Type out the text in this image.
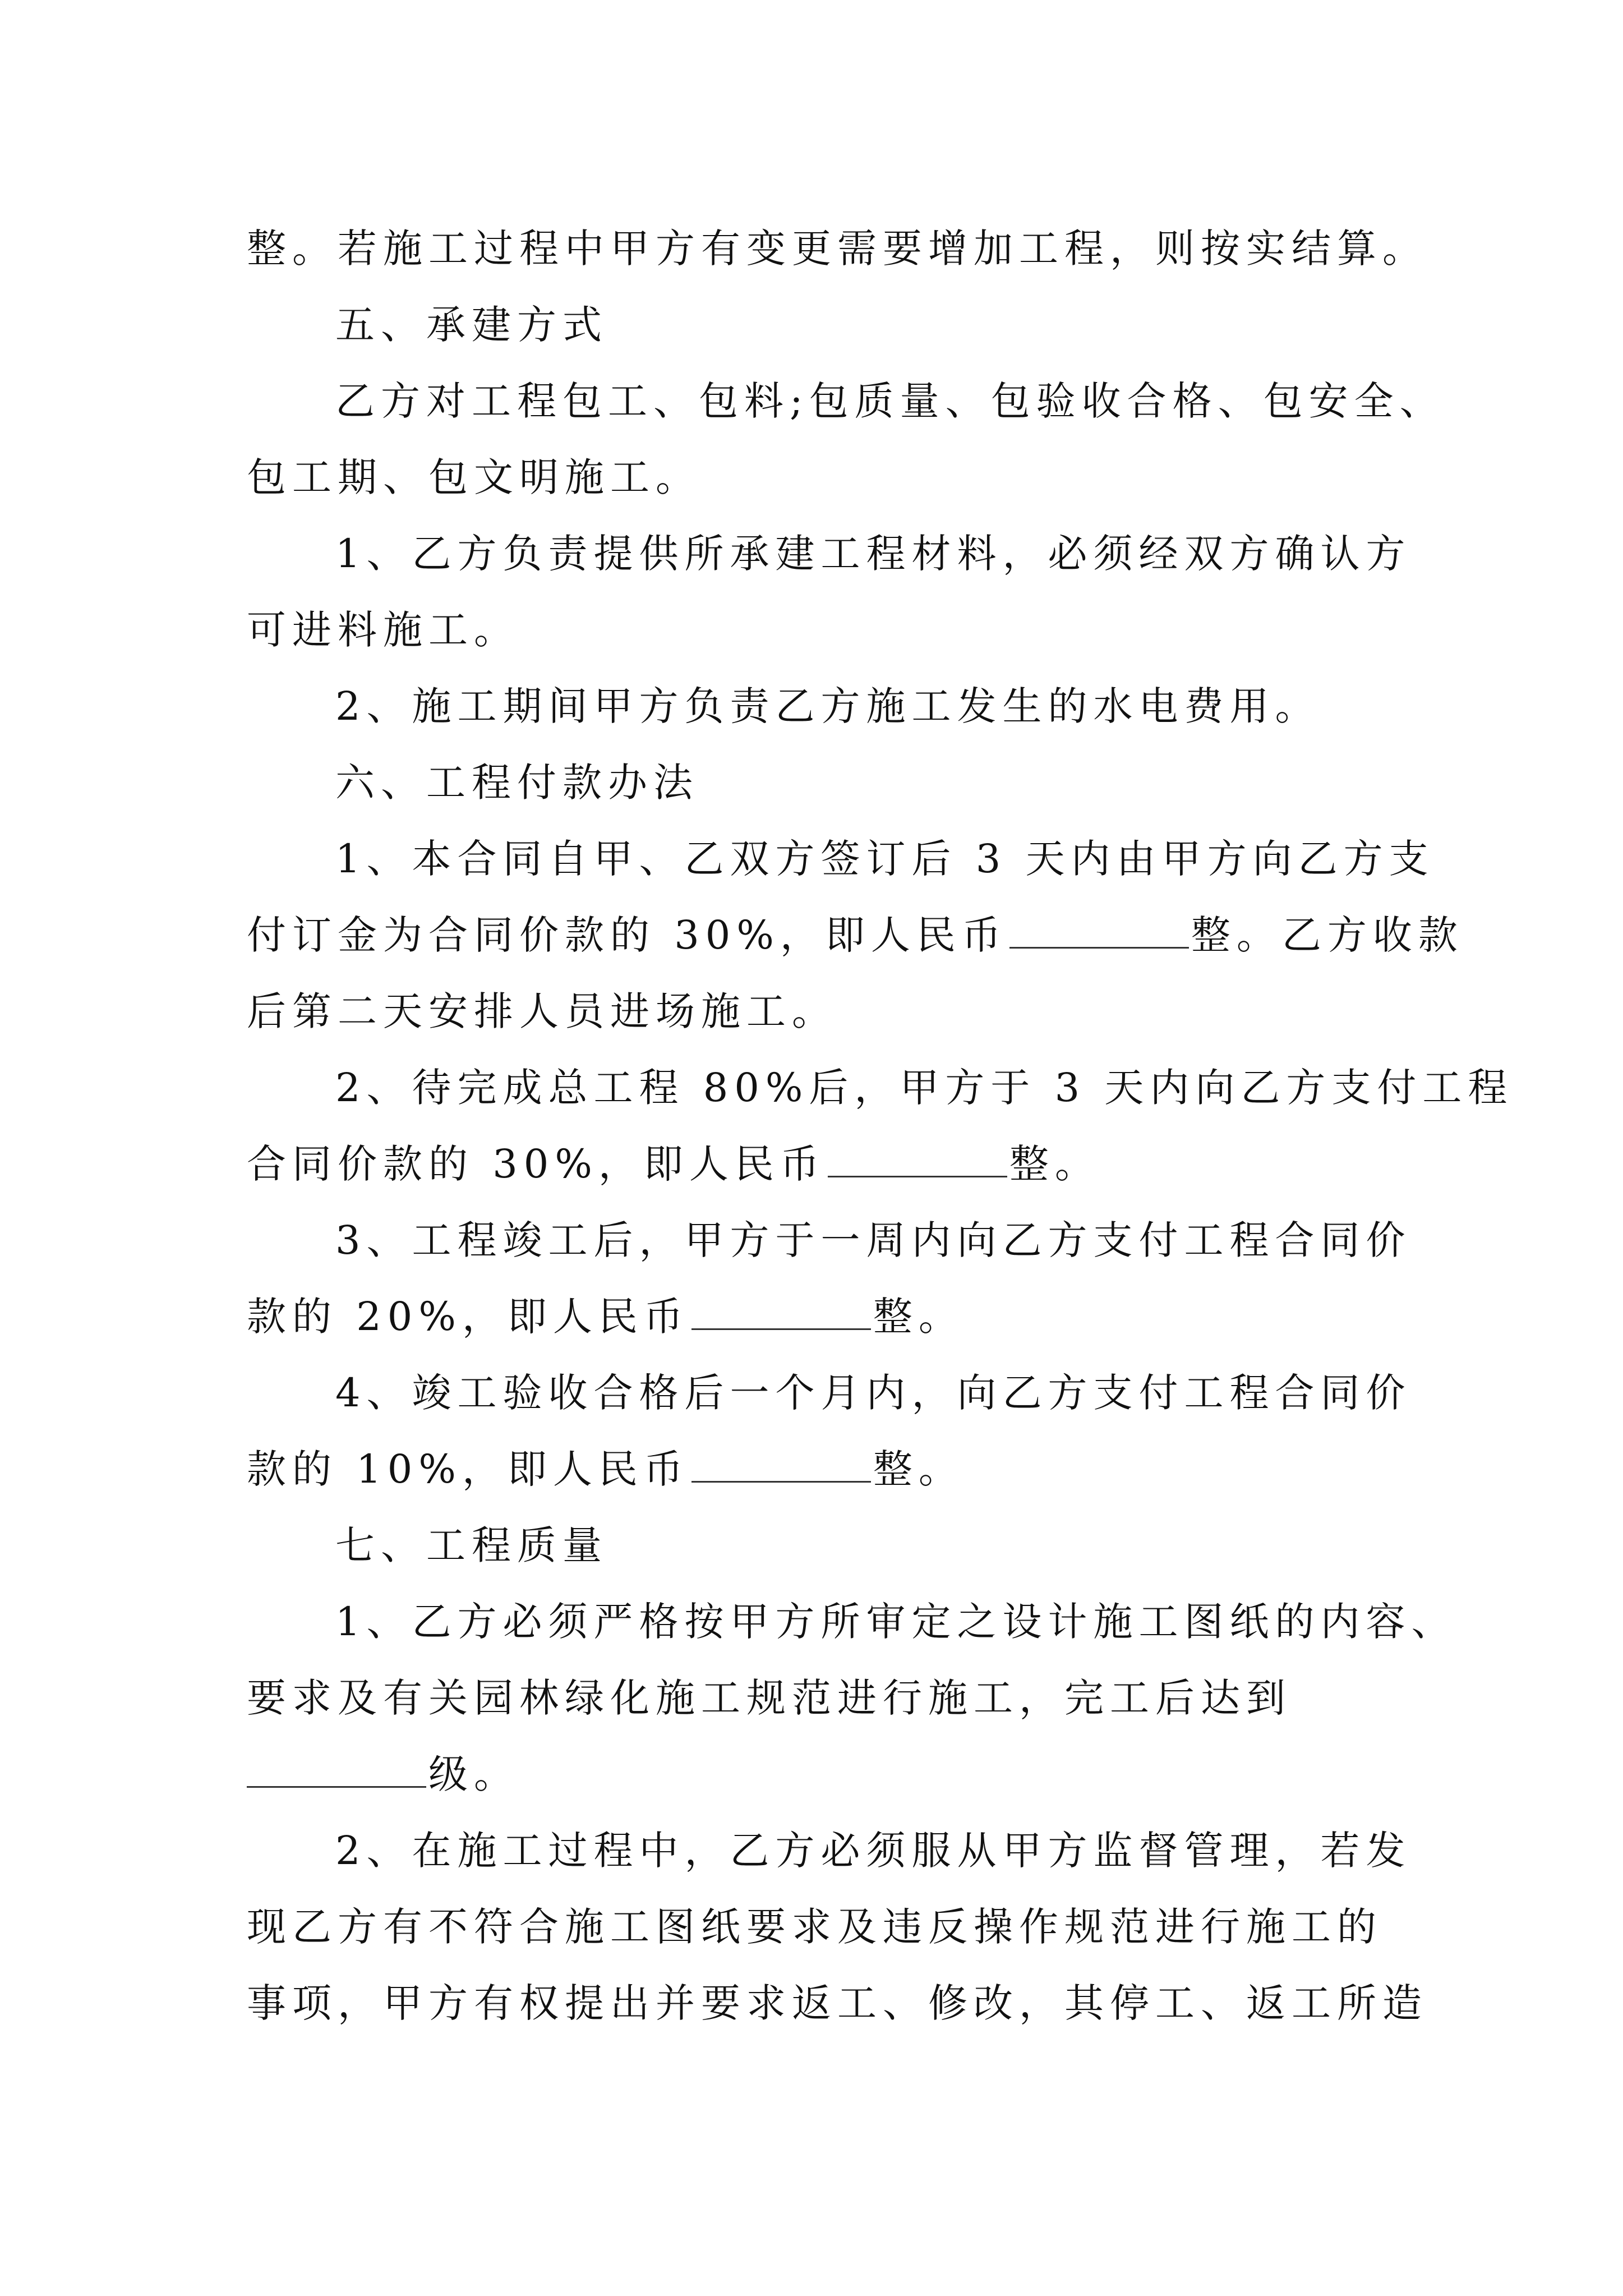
整。若施工过程中甲方有变更需要增加工程，则按实结算。
五、承建方式
乙方对工程包工、包料;包质量、包验收合格、包安全、
包工期、包文明施工。
1、乙方负责提供所承建工程材料，必须经双方确认方
可进料施工。
2、施工期间甲方负责乙方施工发生的水电费用。
六、工程付款办法
1、本合同自甲、乙双方签订后 3 天内由甲方向乙方支
付订金为合同价款的 30%，即人民币	整。乙方收款
后第二天安排人员进场施工。
2、待完成总工程 80%后，甲方于 3 天内向乙方支付工程
合同价款的 30%，即人民币	整。
3、工程竣工后，甲方于一周内向乙方支付工程合同价
款的 20%，即人民币	整。
4、竣工验收合格后一个月内，向乙方支付工程合同价
款的 10%，即人民币	整。
七、工程质量
1、乙方必须严格按甲方所审定之设计施工图纸的内容、
要求及有关园林绿化施工规范进行施工，完工后达到
级。
2、在施工过程中，乙方必须服从甲方监督管理，若发
现乙方有不符合施工图纸要求及违反操作规范进行施工的
事项，甲方有权提出并要求返工、修改，其停工、返工所造
